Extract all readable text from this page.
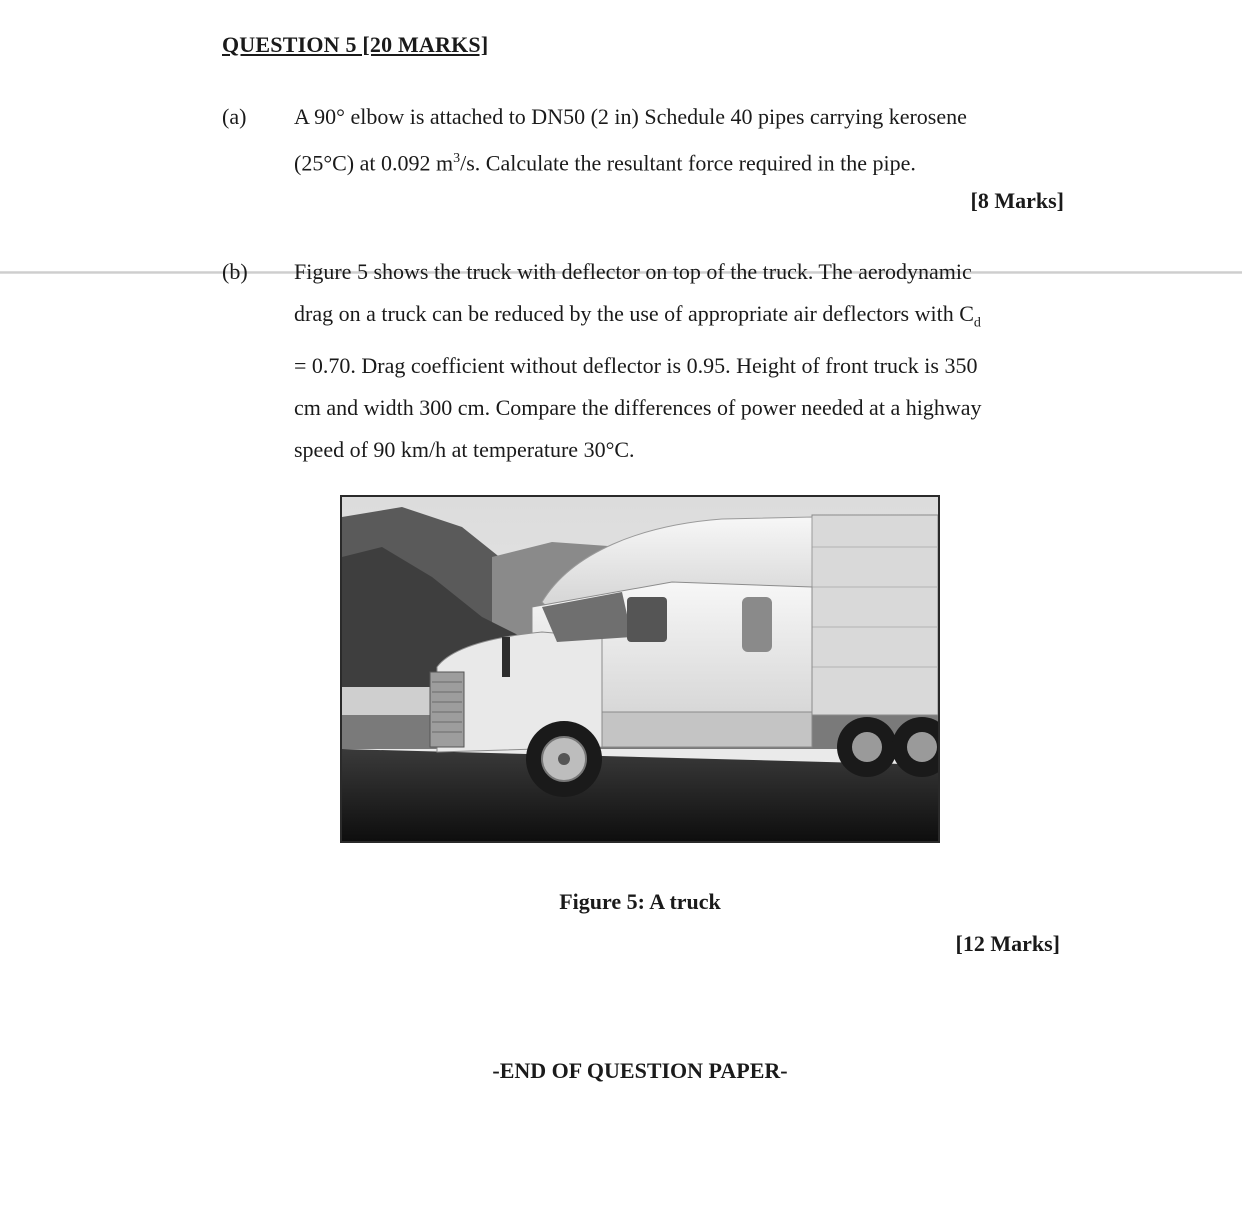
QUESTION 5 [20 MARKS]
(a) A 90° elbow is attached to DN50 (2 in) Schedule 40 pipes carrying kerosene
(25°C) at 0.092 $m^3/s$. Calculate the resultant force required in the pipe.
[8 Marks]
(b) Figure 5 shows the truck with deflector on top of the truck. The aerodynamic
drag on a truck can be reduced by the use of appropriate air deflectors with $C_d$
= 0.70. Drag coefficient without deflector is 0.95. Height of front truck is 350
cm and width 300 cm. Compare the differences of power needed at a highway
speed of 90 km/h at temperature 30°C.
Figure 5: A truck
[12 Marks]
-END OF QUESTION PAPER-
